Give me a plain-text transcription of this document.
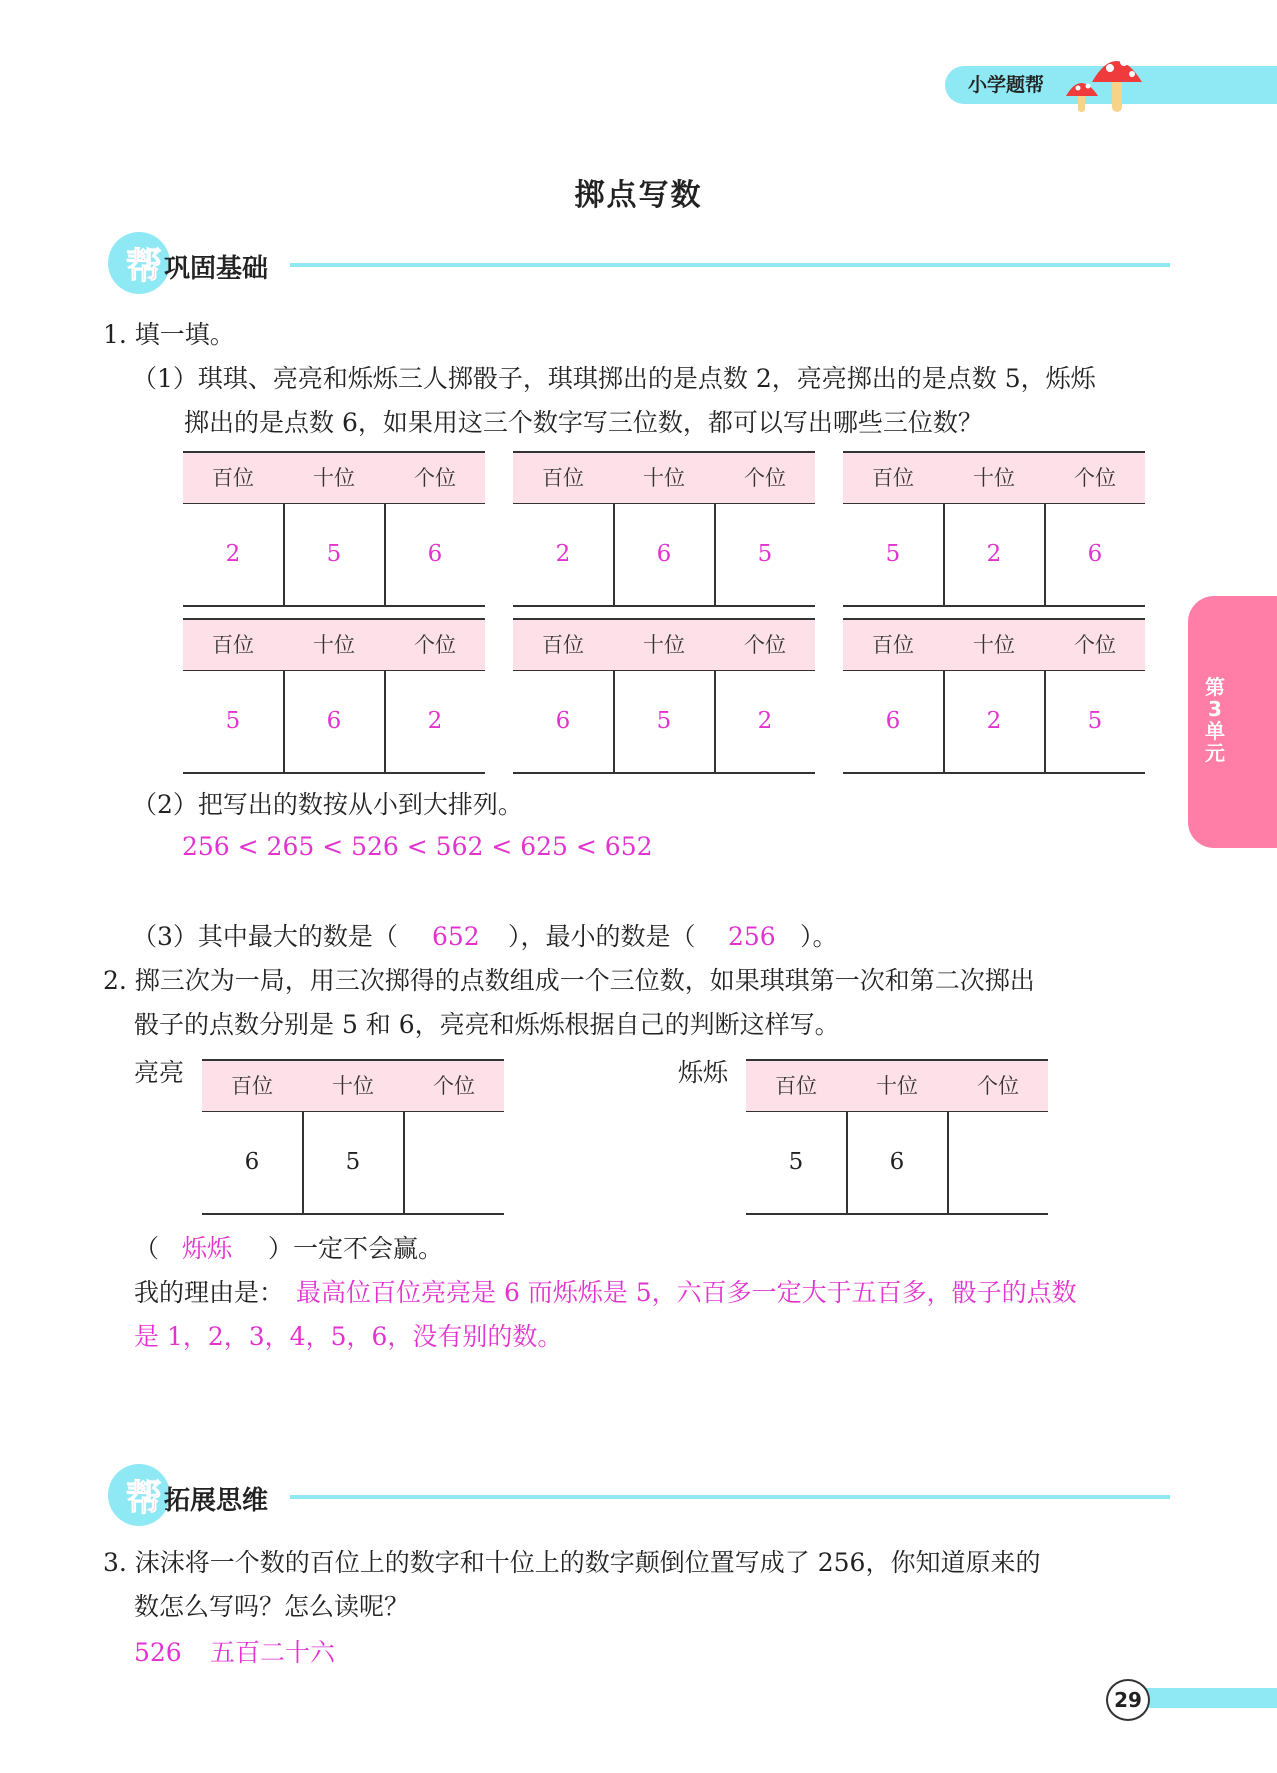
小学题帮
掷点写数
帮 巩固基础
1. 填一填。
（1）琪琪、亮亮和烁烁三人掷骰子，琪琪掷出的是点数 2，亮亮掷出的是点数 5，烁烁
掷出的是点数 6，如果用这三个数字写三位数，都可以写出哪些三位数？
百位	十位	个位
2	5	6
百位	十位	个位
2	6	5
百位	十位	个位
5	2	6
百位	十位	个位
5	6	2
百位	十位	个位
6	5	2
百位	十位	个位
6	2	5
（2）把写出的数按从小到大排列。
256 < 265 < 526 < 562 < 625 < 652
（3）其中最大的数是（ 652 ），最小的数是（ 256 ）。
2. 掷三次为一局，用三次掷得的点数组成一个三位数，如果琪琪第一次和第二次掷出
骰子的点数分别是 5 和 6，亮亮和烁烁根据自己的判断这样写。
亮亮	百位	十位	个位
6	5
烁烁	百位	十位	个位
5	6
（ 烁烁 ）一定不会赢。
我的理由是： 最高位百位亮亮是 6 而烁烁是 5，六百多一定大于五百多，骰子的点数
是 1，2，3，4，5，6，没有别的数。
帮 拓展思维
3. 沫沫将一个数的百位上的数字和十位上的数字颠倒位置写成了 256，你知道原来的
数怎么写吗？怎么读呢？
526 五百二十六
第3单元
29
